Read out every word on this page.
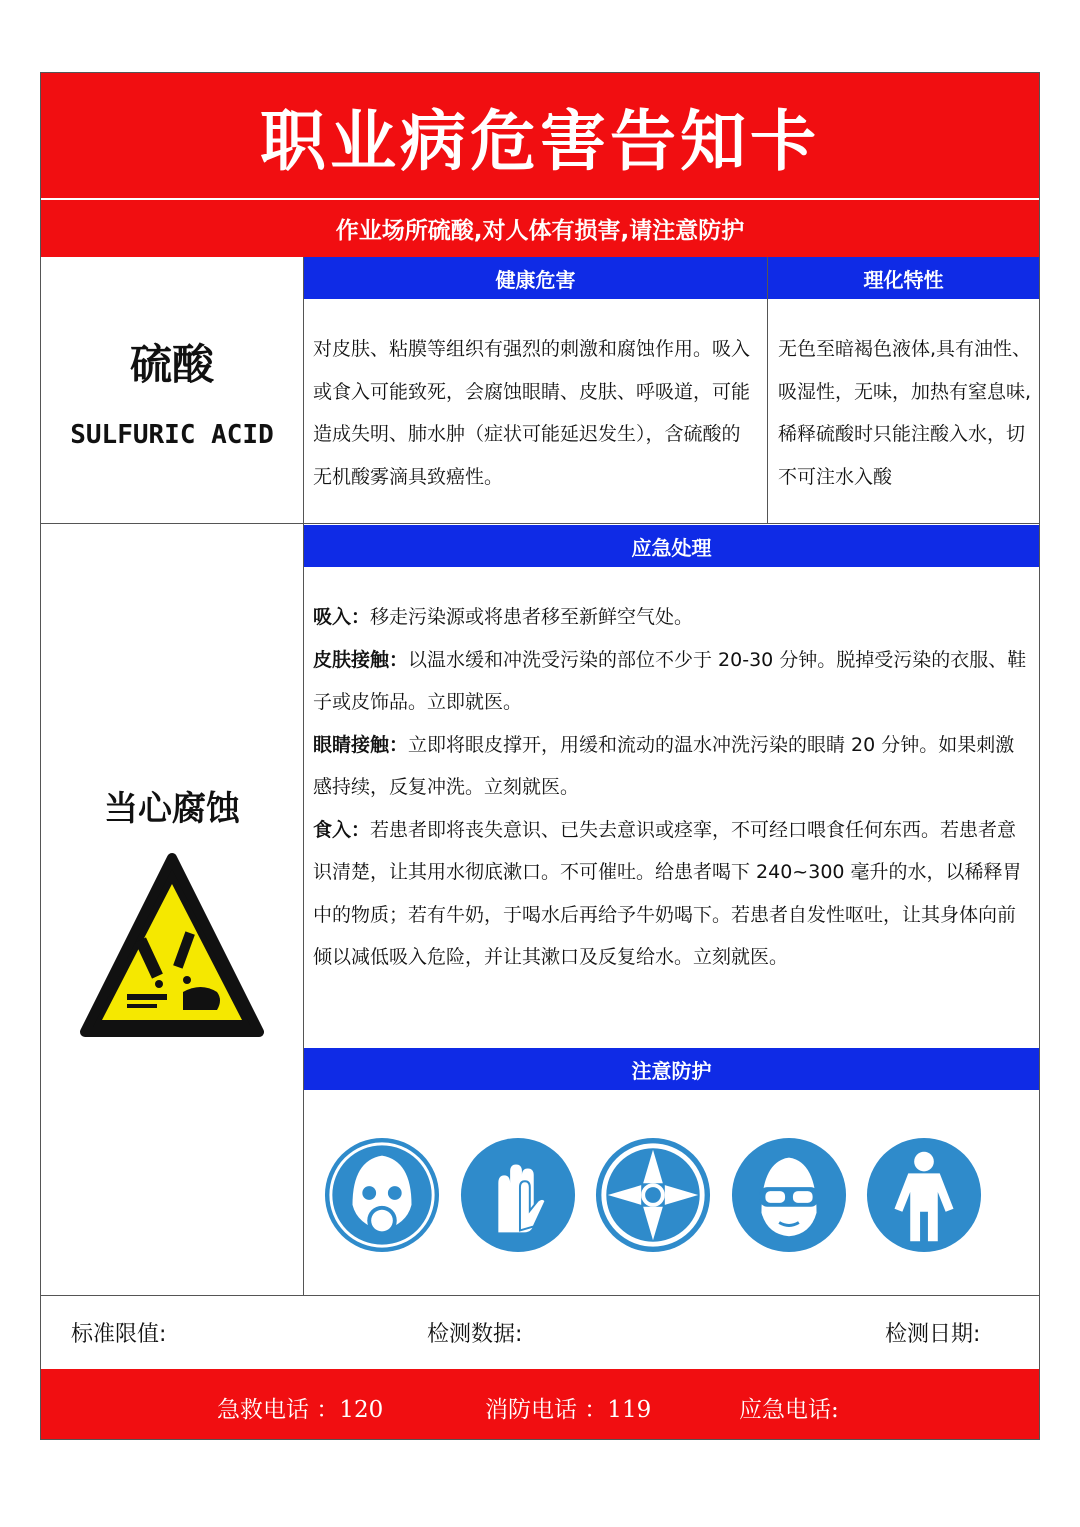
职业病危害告知卡
作业场所硫酸,对人体有损害,请注意防护
硫酸
SULFURIC ACID
健康危害
对皮肤、粘膜等组织有强烈的刺激和腐蚀作用。吸入或食入可能致死，会腐蚀眼睛、皮肤、呼吸道，可能造成失明、肺水肿（症状可能延迟发生），含硫酸的无机酸雾滴具致癌性。
理化特性
无色至暗褐色液体,具有油性、吸湿性，无味，加热有窒息味,稀释硫酸时只能注酸入水，切不可注水入酸
当心腐蚀
应急处理

吸入：移走污染源或将患者移至新鲜空气处。

皮肤接触：以温水缓和冲洗受污染的部位不少于 20-30 分钟。脱掉受污染的衣服、鞋子或皮饰品。立即就医。

眼睛接触：立即将眼皮撑开，用缓和流动的温水冲洗污染的眼睛 20 分钟。如果刺激感持续，反复冲洗。立刻就医。

食入：若患者即将丧失意识、已失去意识或痉挛，不可经口喂食任何东西。若患者意识清楚，让其用水彻底漱口。不可催吐。给患者喝下 240~300 毫升的水，以稀释胃中的物质；若有牛奶，于喝水后再给予牛奶喝下。若患者自发性呕吐，让其身体向前倾以减低吸入危险，并让其漱口及反复给水。立刻就医。

注意防护
标准限值:	检测数据:	检测日期:
急救电话 ：120	消防电话 ：119	应急电话:
